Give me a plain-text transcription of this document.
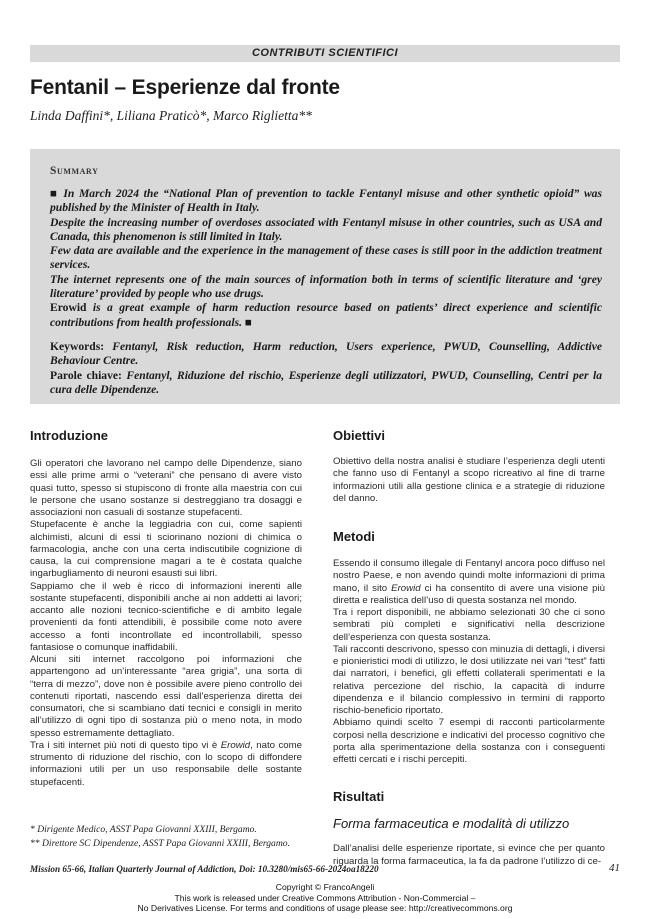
CONTRIBUTI SCIENTIFICI
Fentanil – Esperienze dal fronte
Linda Daffini*, Liliana Praticò*, Marco Riglietta**
Summary

■ In March 2024 the “National Plan of prevention to tackle Fentanyl misuse and other synthetic opioid” was published by the Minister of Health in Italy.

Despite the increasing number of overdoses associated with Fentanyl misuse in other countries, such as USA and Canada, this phenomenon is still limited in Italy.

Few data are available and the experience in the management of these cases is still poor in the addiction treatment services.

The internet represents one of the main sources of information both in terms of scientific literature and ‘grey literature’ provided by people who use drugs.

Erowid is a great example of harm reduction resource based on patients’ direct experience and scientific contributions from health professionals. ■

Keywords: Fentanyl, Risk reduction, Harm reduction, Users experience, PWUD, Counselling, Addictive Behaviour Centre.
Parole chiave: Fentanyl, Riduzione del rischio, Esperienze degli utilizzatori, PWUD, Counselling, Centri per la cura delle Dipendenze.
Introduzione

Gli operatori che lavorano nel campo delle Dipendenze, siano essi alle prime armi o “veterani” che pensano di avere visto quasi tutto, spesso si stupiscono di fronte alla maestria con cui le persone che usano sostanze si destreggiano tra dosaggi e associazioni non casuali di sostanze stupefacenti.

Stupefacente è anche la leggiadria con cui, come sapienti alchimisti, alcuni di essi ti sciorinano nozioni di chimica o farmacologia, anche con una certa indiscutibile cognizione di causa, la cui comprensione magari a te è costata qualche ingarbugliamento di neuroni esausti sui libri.

Sappiamo che il web è ricco di informazioni inerenti alle sostante stupefacenti, disponibili anche ai non addetti ai lavori; accanto alle nozioni tecnico-scientifiche e di ambito legale provenienti da fonti attendibili, è possibile come noto avere accesso a fonti incontrollate ed incontrollabili, spesso fantasiose o comunque inaffidabili.

Alcuni siti internet raccolgono poi informazioni che appartengono ad un’interessante “area grigia”, una sorta di “terra di mezzo”, dove non è possibile avere pieno controllo dei contenuti riportati, nascendo essi dall’esperienza diretta dei consumatori, che si scambiano dati tecnici e consigli in merito all’utilizzo di ogni tipo di sostanza più o meno nota, in modo spesso estremamente dettagliato.

Tra i siti internet più noti di questo tipo vi è Erowid, nato come strumento di riduzione del rischio, con lo scopo di diffondere informazioni utili per un uso responsabile delle sostante stupefacenti.

* Dirigente Medico, ASST Papa Giovanni XXIII, Bergamo.
** Direttore SC Dipendenze, ASST Papa Giovanni XXIII, Bergamo.
Obiettivi

Obiettivo della nostra analisi è studiare l’esperienza degli utenti che fanno uso di Fentanyl a scopo ricreativo al fine di trarne informazioni utili alla gestione clinica e a strategie di riduzione del danno.

Metodi

Essendo il consumo illegale di Fentanyl ancora poco diffuso nel nostro Paese, e non avendo quindi molte informazioni di prima mano, il sito Erowid ci ha consentito di avere una visione più diretta e realistica dell’uso di questa sostanza nel mondo.

Tra i report disponibili, ne abbiamo selezionati 30 che ci sono sembrati più completi e significativi nella descrizione dell’esperienza con questa sostanza.

Tali racconti descrivono, spesso con minuzia di dettagli, i diversi e pionieristici modi di utilizzo, le dosi utilizzate nei vari “test” fatti dai narratori, i benefici, gli effetti collaterali sperimentati e la relativa percezione del rischio, la capacità di indurre dipendenza e il bilancio complessivo in termini di rapporto rischio-beneficio riportato.

Abbiamo quindi scelto 7 esempi di racconti particolarmente corposi nella descrizione e indicativi del processo cognitivo che porta alla sperimentazione della sostanza con i conseguenti effetti cercati e i rischi percepiti.

Risultati
Forma farmaceutica e modalità di utilizzo

Dall’analisi delle esperienze riportate, si evince che per quanto riguarda la forma farmaceutica, la fa da padrone l’utilizzo di ce-

Mission 65-66, Italian Quarterly Journal of Addiction, Doi: 10.3280/mis65-66-2024oa18220	41

Copyright © FrancoAngeli

This work is released under Creative Commons Attribution - Non-Commercial –

No Derivatives License. For terms and conditions of usage please see: http://creativecommons.org
